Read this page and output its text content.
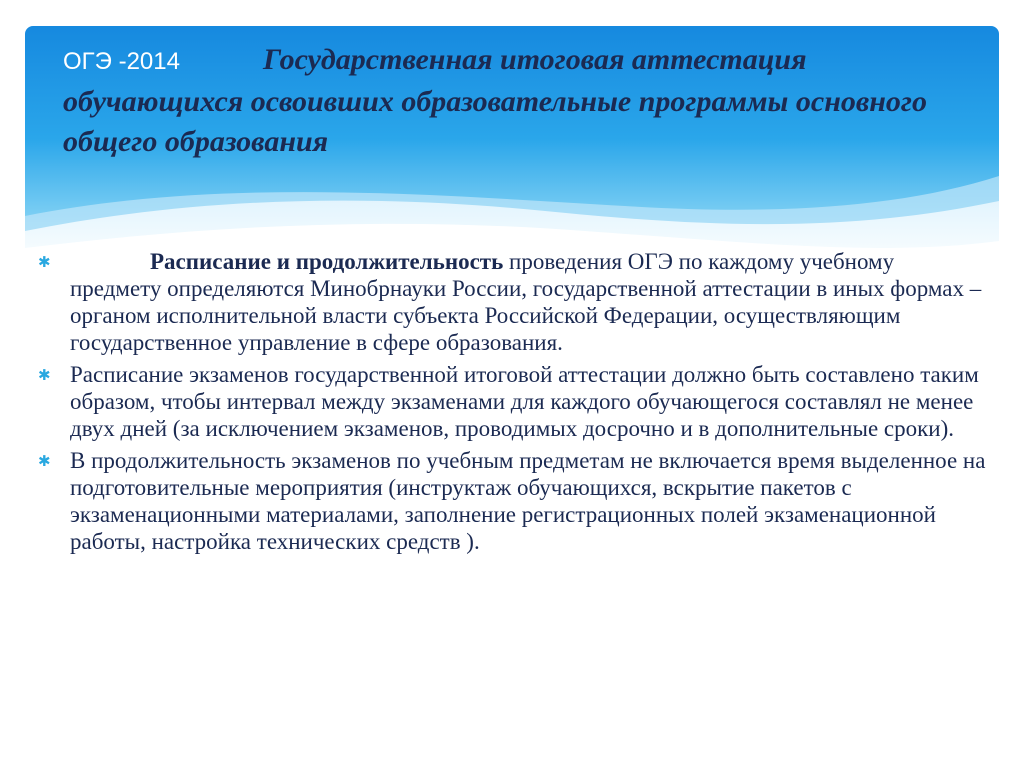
ОГЭ -2014	Государственная итоговая аттестация обучающихся освоивших образовательные программы основного общего образования
✱	Расписание и продолжительность проведения ОГЭ по каждому учебному предмету определяются Минобрнауки России, государственной аттестации в иных формах – органом исполнительной власти субъекта Российской Федерации, осуществляющим государственное управление в сфере образования.
✱ Расписание экзаменов государственной итоговой аттестации должно быть составлено таким образом, чтобы интервал между экзаменами для каждого обучающегося составлял не менее двух дней (за исключением экзаменов, проводимых досрочно и в дополнительные сроки).
✱ В продолжительность экзаменов по учебным предметам не включается время выделенное на подготовительные мероприятия (инструктаж обучающихся, вскрытие пакетов с экзаменационными материалами, заполнение регистрационных полей экзаменационной работы, настройка технических средств ).
